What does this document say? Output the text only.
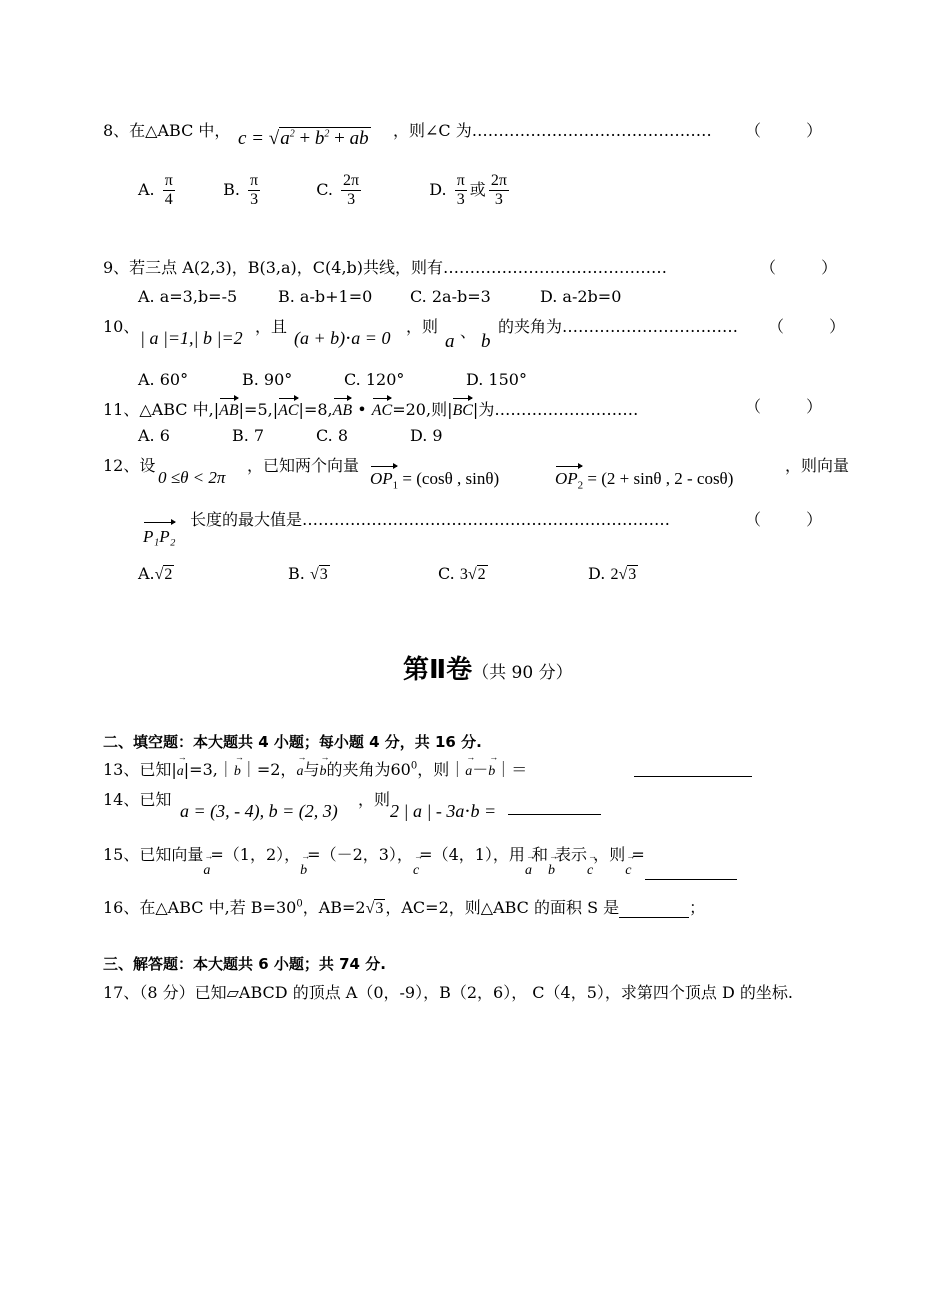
8、在△ABC 中， $c = √a^2 + b^2$ + ab ，则∠C 为……………………………………… （ ）
A. $\frac{\pi}{4}$	B. $\frac{\pi}{3}$	C. $\frac{2\pi}{3}$	D. $\frac{\pi}{3}$ 或 $\frac{2\pi}{3}$
9、若三点 A(2,3)，B(3,a)，C(4,b)共线，则有……………………………………	（ ）
A. a=3,b=-5	B. a-b+1=0 C. 2a-b=3	D. a-2b=0
10、
| a |=1,| b |=2
，且
(a + b)⋅a = 0
，则
a 、 b
的夹角为…………………………… （ ）
A. 60°	B. 90°	C. 120°	D. 150°
11、△ABC 中,|AB|=5,|AC|=8,AB • AC=20,则|BC|为………………………	（ ）
A. 6	B. 7	C. 8	D. 9
12、设
0 ≤θ < 2π
，已知两个向量
$OP_1 = (\cos\theta$ , sinθ)	$OP_2 = (2 + \sin\theta$ , 2 - cosθ)
，则向量
P₁P₂
长度的最大值是……………………………………………………………	（ ）
A.√2	B. √3	C. 3√2	D. 2√3
第Ⅱ卷（共 90 分）
二、填空题：本大题共 4 小题；每小题 4 分，共 16 分.
13、已知|→ a|=3,｜→ b｜=2，→ a与→ b的夹角为$60^0$，则｜→ a－→ b｜＝
14、已知
a = (3, - 4), b = (2, 3)
，则
2 | a | - 3a⋅b =
15、已知向量→ a=（1，2），→ b=（－2，3），→ c=（4，1），用→ a和→ b表示→ c，则→ c=
16、在△ABC 中,若 $B=30^0$，AB=2√3 ，AC=2，则△ABC 的面积 S 是	；
三、解答题：本大题共 6 小题；共 74 分.
17、（8 分）已知▱ABCD 的顶点 A（0，-9），B（2，6）， C（4，5），求第四个顶点 D 的坐标.
